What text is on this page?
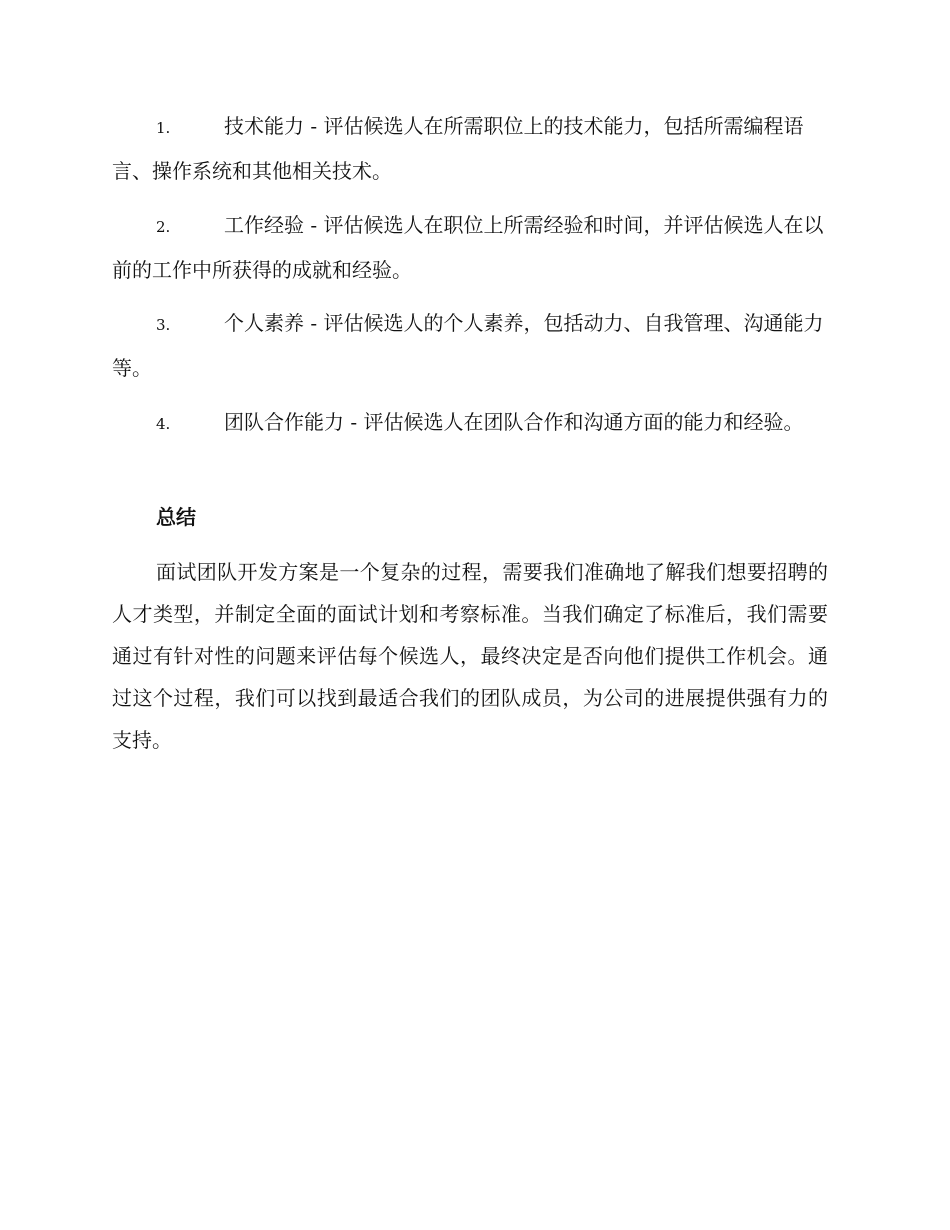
1.	技术能力 - 评估候选人在所需职位上的技术能力，包括所需编程语言、操作系统和其他相关技术。
2.	工作经验 - 评估候选人在职位上所需经验和时间，并评估候选人在以前的工作中所获得的成就和经验。
3.	个人素养 - 评估候选人的个人素养，包括动力、自我管理、沟通能力等。
4.	团队合作能力 - 评估候选人在团队合作和沟通方面的能力和经验。
总结

面试团队开发方案是一个复杂的过程，需要我们准确地了解我们想要招聘的人才类型，并制定全面的面试计划和考察标准。当我们确定了标准后，我们需要通过有针对性的问题来评估每个候选人，最终决定是否向他们提供工作机会。通过这个过程，我们可以找到最适合我们的团队成员，为公司的进展提供强有力的支持。
